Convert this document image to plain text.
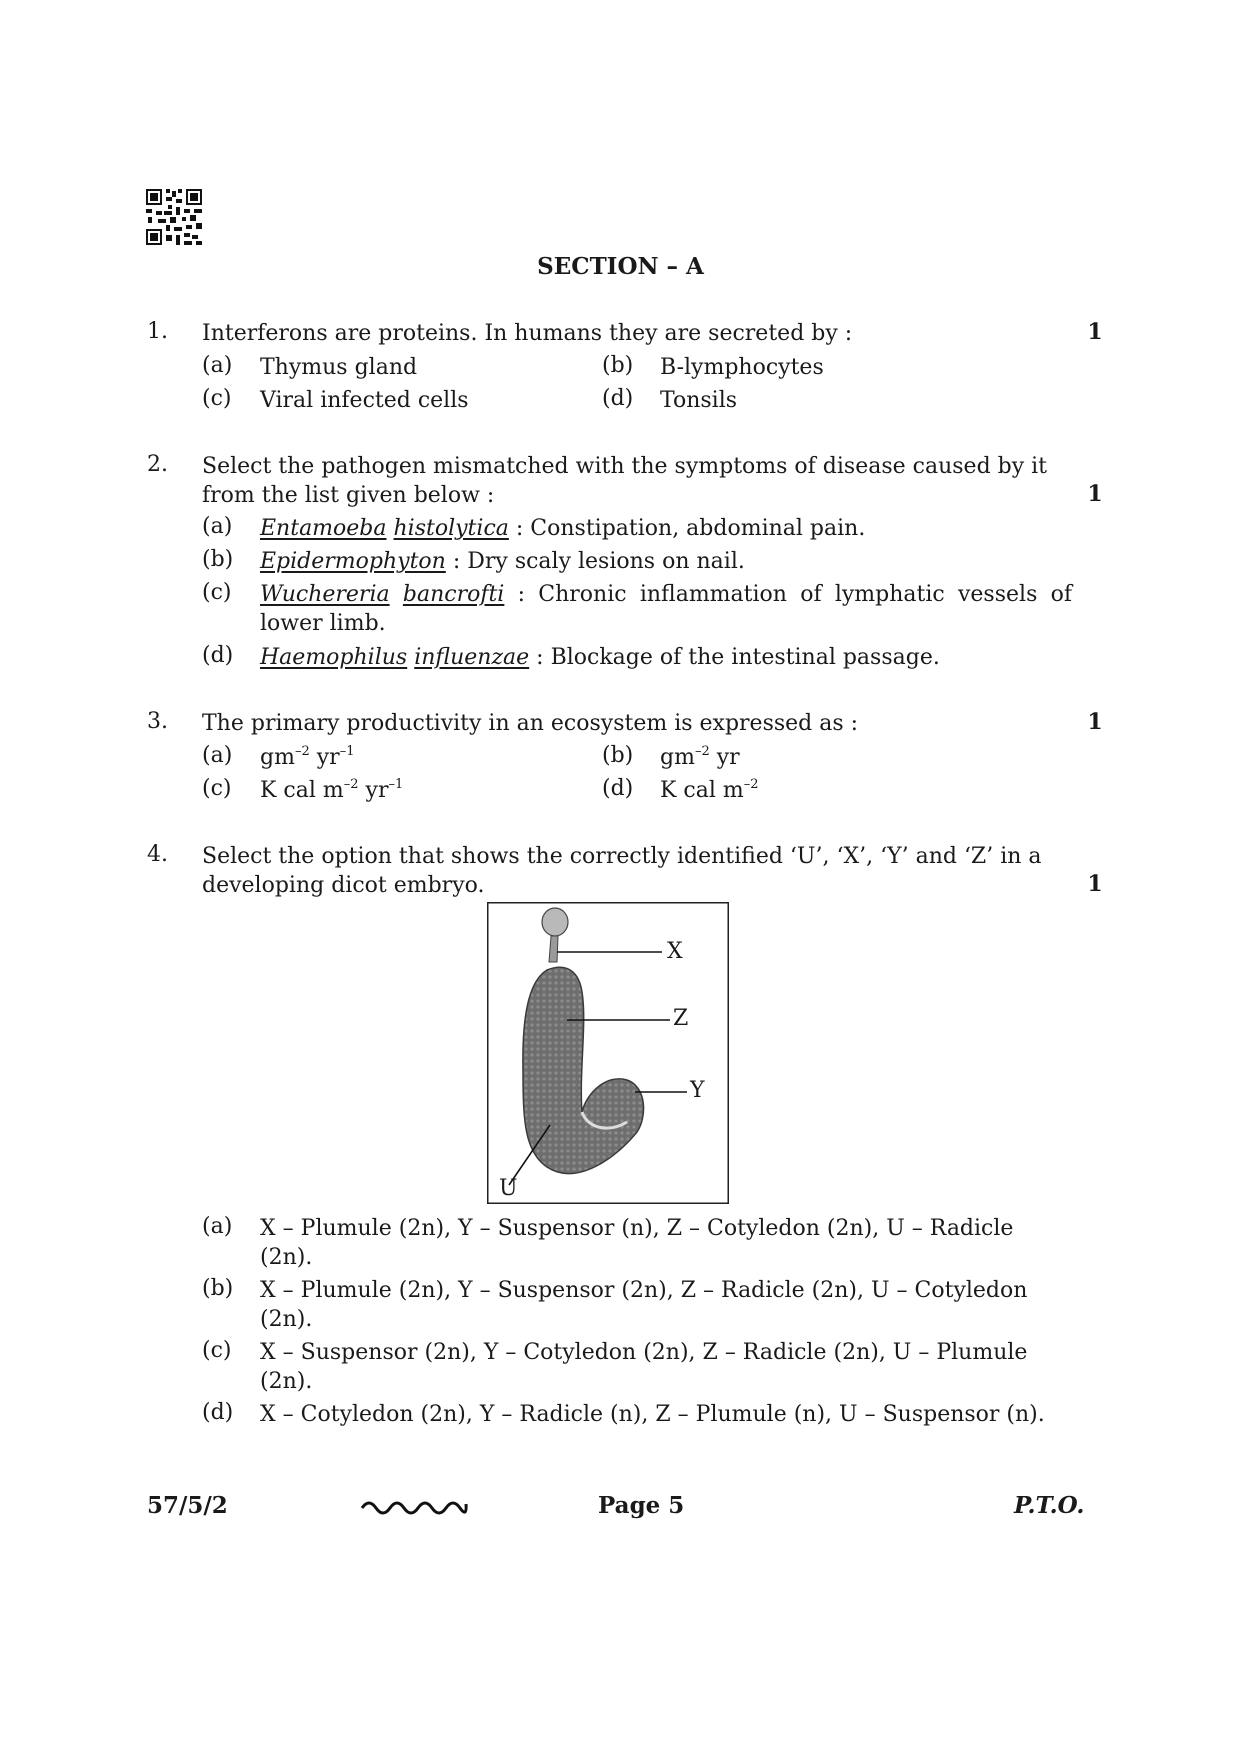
SECTION – A
1. Interferons are proteins. In humans they are secreted by :	1
(a) Thymus gland	(b) B-lymphocytes
(c) Viral infected cells	(d) Tonsils
2. Select the pathogen mismatched with the symptoms of disease caused by it
from the list given below :	1
(a) Entamoeba histolytica : Constipation, abdominal pain.
(b) Epidermophyton : Dry scaly lesions on nail.
(c) Wuchereria bancrofti : Chronic inflammation of lymphatic vessels of lower limb.
(d) Haemophilus influenzae : Blockage of the intestinal passage.
3. The primary productivity in an ecosystem is expressed as :	1
(a) $gm^{-2}$ $yr^{-1}$	(b) $gm^{-2}$ yr
(c) K cal $m^{-2}$ $yr^{-1}$	(d) K cal $m^{-2}$
4. Select the option that shows the correctly identified ‘U’, ‘X’, ‘Y’ and ‘Z’ in a
developing dicot embryo.	1
X
Z
Y
U
(a) X – Plumule (2n), Y – Suspensor (n), Z – Cotyledon (2n), U – Radicle
(2n).
(b) X – Plumule (2n), Y – Suspensor (2n), Z – Radicle (2n), U – Cotyledon
(2n).
(c) X – Suspensor (2n), Y – Cotyledon (2n), Z – Radicle (2n), U – Plumule
(2n).
(d) X – Cotyledon (2n), Y – Radicle (n), Z – Plumule (n), U – Suspensor (n).
57/5/2	Page 5	P.T.O.
